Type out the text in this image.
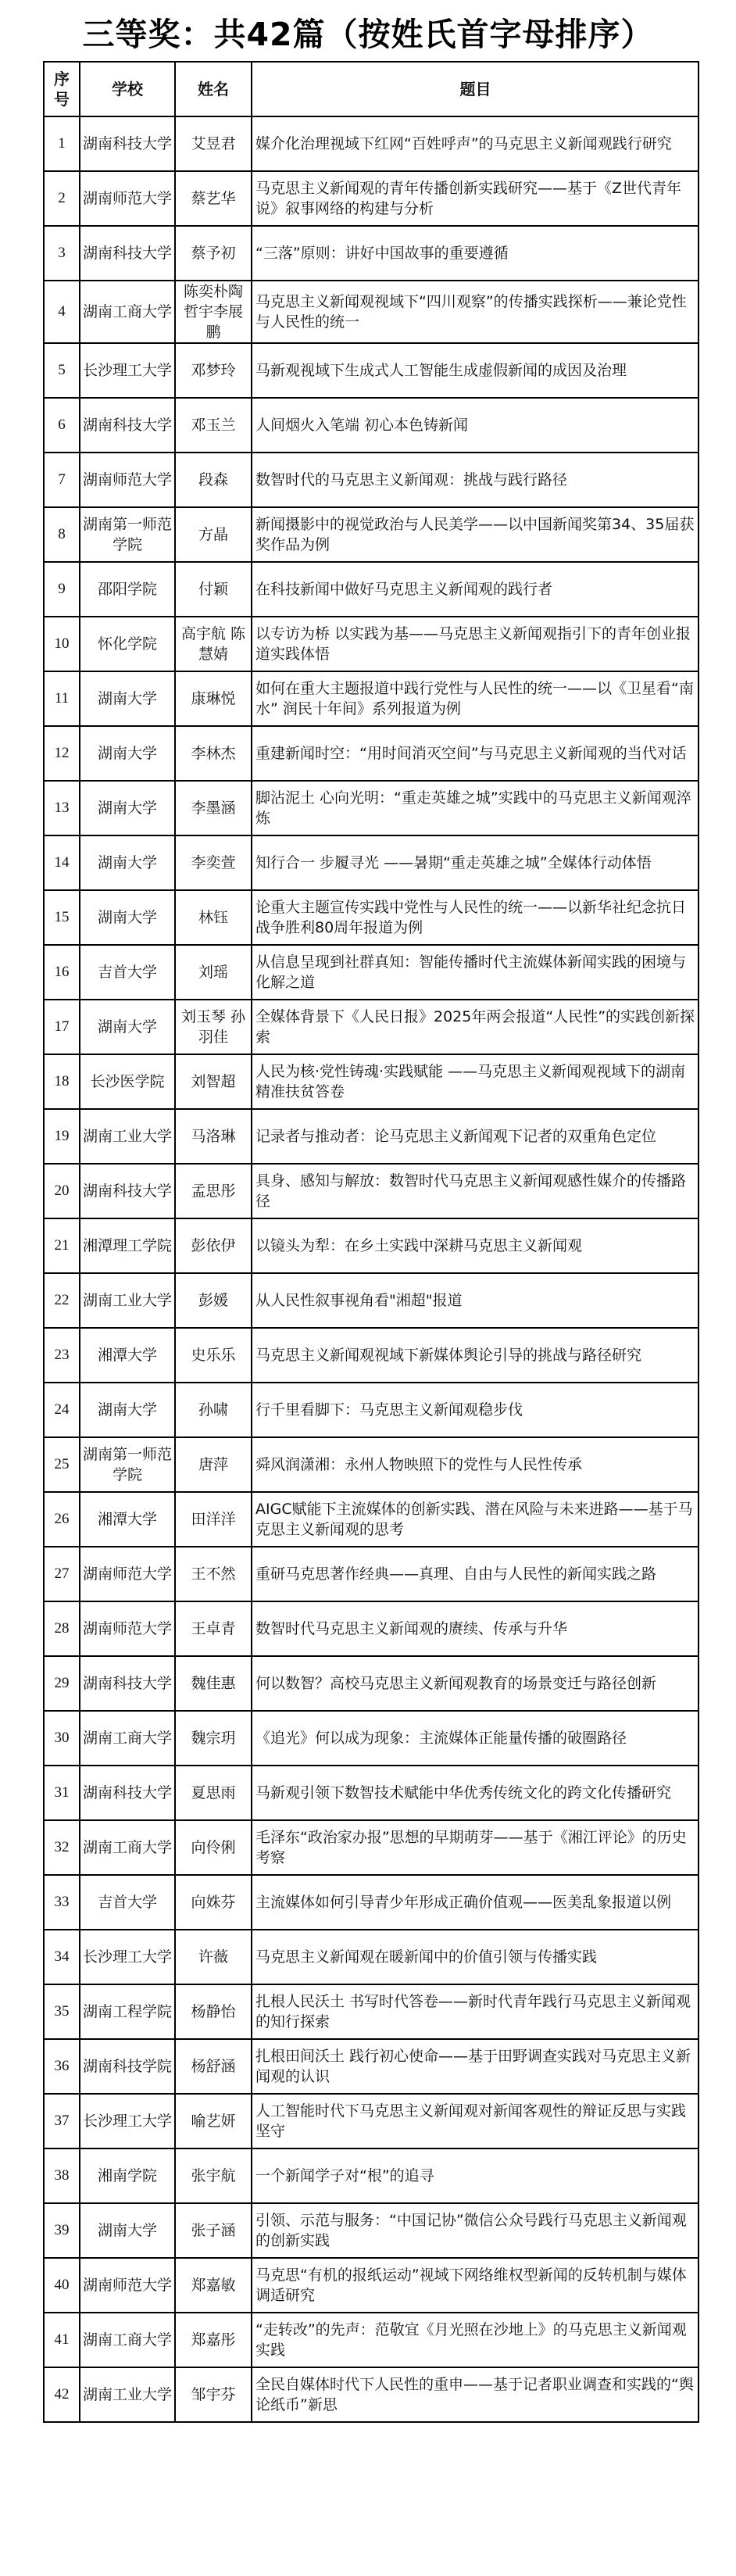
三等奖：共42篇（按姓氏首字母排序）
序号	学校	姓名	题目
1	湖南科技大学	艾昱君	媒介化治理视域下红网“百姓呼声”的马克思主义新闻观践行研究
2	湖南师范大学	蔡艺华	马克思主义新闻观的青年传播创新实践研究——基于《Z世代青年说》叙事网络的构建与分析
3	湖南科技大学	蔡予初	“三落”原则：讲好中国故事的重要遵循
4	湖南工商大学	陈奕朴陶哲宇李展鹏	马克思主义新闻观视域下“四川观察”的传播实践探析——兼论党性与人民性的统一
5	长沙理工大学	邓梦玲	马新观视域下生成式人工智能生成虚假新闻的成因及治理
6	湖南科技大学	邓玉兰	人间烟火入笔端 初心本色铸新闻
7	湖南师范大学	段森	数智时代的马克思主义新闻观：挑战与践行路径
8	湖南第一师范学院	方晶	新闻摄影中的视觉政治与人民美学——以中国新闻奖第34、35届获奖作品为例
9	邵阳学院	付颖	在科技新闻中做好马克思主义新闻观的践行者
10	怀化学院	高宇航 陈慧婧	以专访为桥 以实践为基——马克思主义新闻观指引下的青年创业报道实践体悟
11	湖南大学	康琳悦	如何在重大主题报道中践行党性与人民性的统一——以《卫星看“南水” 润民十年间》系列报道为例
12	湖南大学	李林杰	重建新闻时空：“用时间消灭空间”与马克思主义新闻观的当代对话
13	湖南大学	李墨涵	脚沾泥土 心向光明：“重走英雄之城”实践中的马克思主义新闻观淬炼
14	湖南大学	李奕萱	知行合一 步履寻光 ——暑期“重走英雄之城”全媒体行动体悟
15	湖南大学	林钰	论重大主题宣传实践中党性与人民性的统一——以新华社纪念抗日战争胜利80周年报道为例
16	吉首大学	刘瑶	从信息呈现到社群真知：智能传播时代主流媒体新闻实践的困境与化解之道
17	湖南大学	刘玉琴 孙羽佳	全媒体背景下《人民日报》2025年两会报道“人民性”的实践创新探索
18	长沙医学院	刘智超	人民为核·党性铸魂·实践赋能 ——马克思主义新闻观视域下的湖南精准扶贫答卷
19	湖南工业大学	马洛琳	记录者与推动者：论马克思主义新闻观下记者的双重角色定位
20	湖南科技大学	孟思彤	具身、感知与解放：数智时代马克思主义新闻观感性媒介的传播路径
21	湘潭理工学院	彭依伊	以镜头为犁：在乡土实践中深耕马克思主义新闻观
22	湖南工业大学	彭媛	从人民性叙事视角看"湘超"报道
23	湘潭大学	史乐乐	马克思主义新闻观视域下新媒体舆论引导的挑战与路径研究
24	湖南大学	孙啸	行千里看脚下：马克思主义新闻观稳步伐
25	湖南第一师范学院	唐萍	舜风润潇湘：永州人物映照下的党性与人民性传承
26	湘潭大学	田洋洋	AIGC赋能下主流媒体的创新实践、潜在风险与未来进路——基于马克思主义新闻观的思考
27	湖南师范大学	王不然	重研马克思著作经典——真理、自由与人民性的新闻实践之路
28	湖南师范大学	王卓青	数智时代马克思主义新闻观的赓续、传承与升华
29	湖南科技大学	魏佳惠	何以数智？高校马克思主义新闻观教育的场景变迁与路径创新
30	湖南工商大学	魏宗玥	《追光》何以成为现象：主流媒体正能量传播的破圈路径
31	湖南科技大学	夏思雨	马新观引领下数智技术赋能中华优秀传统文化的跨文化传播研究
32	湖南工商大学	向伶俐	毛泽东“政治家办报”思想的早期萌芽——基于《湘江评论》的历史考察
33	吉首大学	向姝芬	主流媒体如何引导青少年形成正确价值观——医美乱象报道以例
34	长沙理工大学	许薇	马克思主义新闻观在暖新闻中的价值引领与传播实践
35	湖南工程学院	杨静怡	扎根人民沃土 书写时代答卷——新时代青年践行马克思主义新闻观的知行探索
36	湖南科技学院	杨舒涵	扎根田间沃土 践行初心使命——基于田野调查实践对马克思主义新闻观的认识
37	长沙理工大学	喻艺妍	人工智能时代下马克思主义新闻观对新闻客观性的辩证反思与实践坚守
38	湘南学院	张宇航	一个新闻学子对“根”的追寻
39	湖南大学	张子涵	引领、示范与服务：“中国记协”微信公众号践行马克思主义新闻观的创新实践
40	湖南师范大学	郑嘉敏	马克思“有机的报纸运动”视域下网络维权型新闻的反转机制与媒体调适研究
41	湖南工商大学	郑嘉彤	“走转改”的先声：范敬宜《月光照在沙地上》的马克思主义新闻观实践
42	湖南工业大学	邹宇芬	全民自媒体时代下人民性的重申——基于记者职业调查和实践的“舆论纸币”新思
